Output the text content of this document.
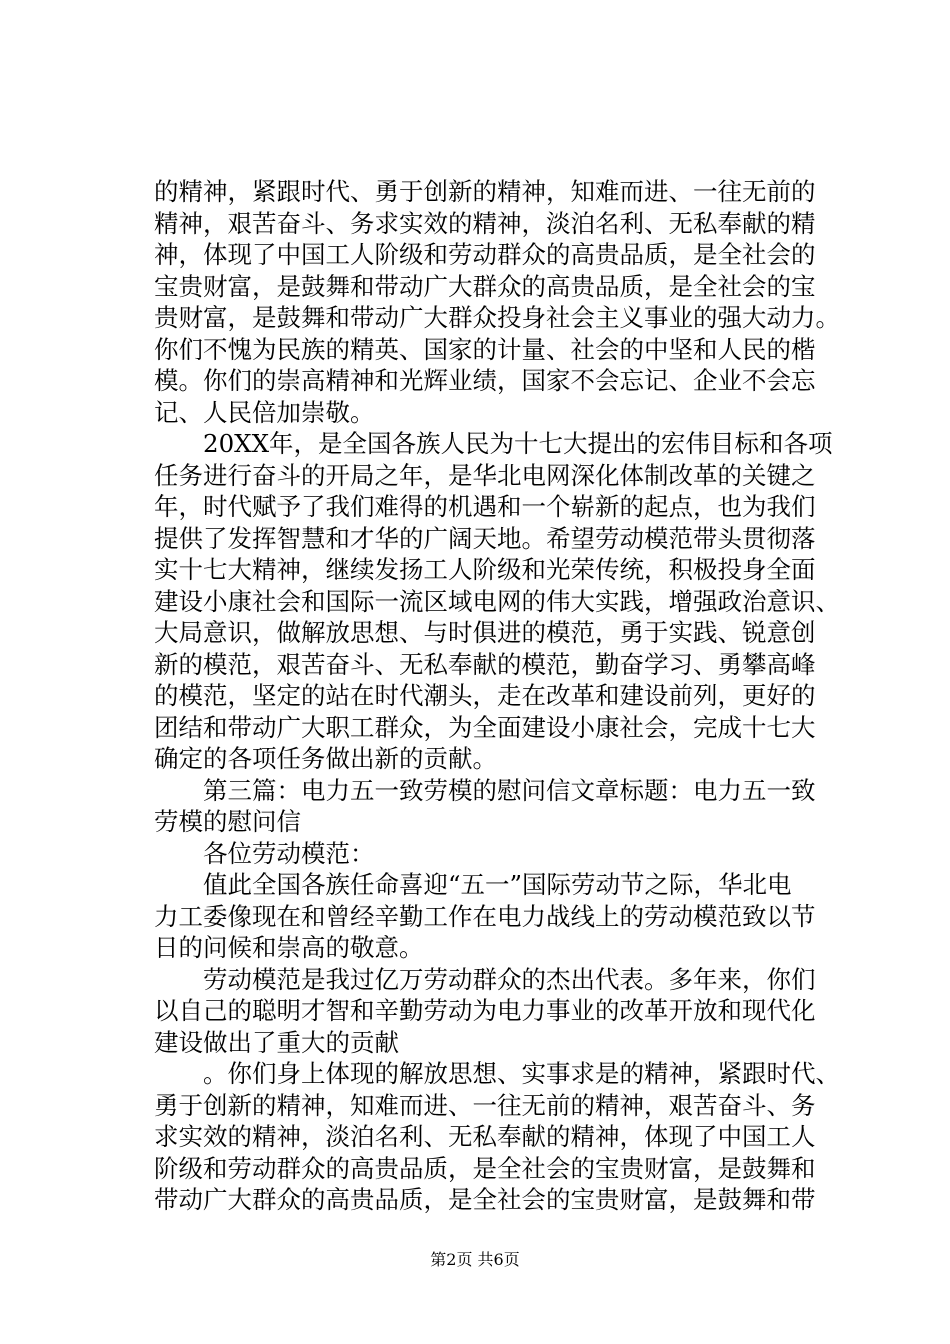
的精神，紧跟时代、勇于创新的精神，知难而进、一往无前的
精神，艰苦奋斗、务求实效的精神，淡泊名利、无私奉献的精
神，体现了中国工人阶级和劳动群众的高贵品质，是全社会的
宝贵财富，是鼓舞和带动广大群众的高贵品质，是全社会的宝
贵财富，是鼓舞和带动广大群众投身社会主义事业的强大动力。
你们不愧为民族的精英、国家的计量、社会的中坚和人民的楷
模。你们的崇高精神和光辉业绩，国家不会忘记、企业不会忘
记、人民倍加崇敬。
　　20XX年，是全国各族人民为十七大提出的宏伟目标和各项
任务进行奋斗的开局之年，是华北电网深化体制改革的关键之
年，时代赋予了我们难得的机遇和一个崭新的起点，也为我们
提供了发挥智慧和才华的广阔天地。希望劳动模范带头贯彻落
实十七大精神，继续发扬工人阶级和光荣传统，积极投身全面
建设小康社会和国际一流区域电网的伟大实践，增强政治意识、
大局意识，做解放思想、与时俱进的模范，勇于实践、锐意创
新的模范，艰苦奋斗、无私奉献的模范，勤奋学习、勇攀高峰
的模范，坚定的站在时代潮头，走在改革和建设前列，更好的
团结和带动广大职工群众，为全面建设小康社会，完成十七大
确定的各项任务做出新的贡献。
　　第三篇：电力五一致劳模的慰问信文章标题：电力五一致
劳模的慰问信
　　各位劳动模范：
　　值此全国各族任命喜迎“五一”国际劳动节之际，华北电
力工委像现在和曾经辛勤工作在电力战线上的劳动模范致以节
日的问候和崇高的敬意。
　　劳动模范是我过亿万劳动群众的杰出代表。多年来，你们
以自己的聪明才智和辛勤劳动为电力事业的改革开放和现代化
建设做出了重大的贡献
　　。你们身上体现的解放思想、实事求是的精神，紧跟时代、
勇于创新的精神，知难而进、一往无前的精神，艰苦奋斗、务
求实效的精神，淡泊名利、无私奉献的精神，体现了中国工人
阶级和劳动群众的高贵品质，是全社会的宝贵财富，是鼓舞和
带动广大群众的高贵品质，是全社会的宝贵财富，是鼓舞和带
第2页 共6页
